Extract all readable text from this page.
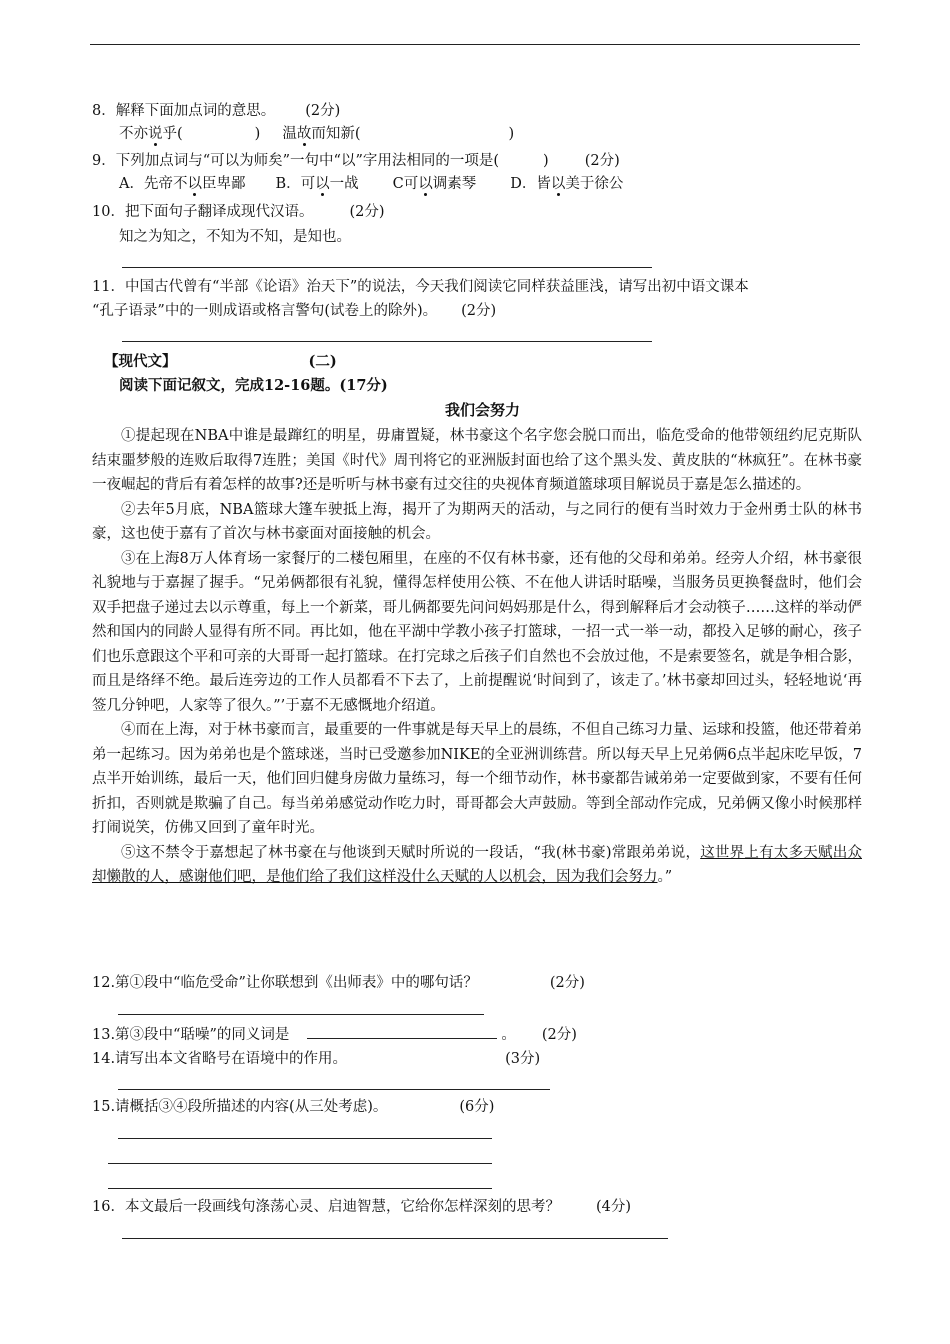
8．解释下面加点词的意思。 (2分)
不亦说乎(	) 温故而知新(	)
9．下列加点词与“可以为师矣”一句中“以”字用法相同的一项是(	) (2分)
A．先帝不以臣卑鄙 B．可以一战 C可以调素琴 D．皆以美于徐公
10．把下面句子翻译成现代汉语。 (2分)
知之为知之，不知为不知，是知也。
11．中国古代曾有“半部《论语》治天下”的说法，今天我们阅读它同样获益匪浅，请写出初中语文课本
“孔子语录”中的一则成语或格言警句(试卷上的除外)。 (2分)
【现代文】	(二)
阅读下面记叙文，完成12-16题。(17分)
我们会努力

①提起现在NBA中谁是最蹿红的明星，毋庸置疑，林书豪这个名字您会脱口而出，临危受命的他带领纽约尼克斯队结束噩梦般的连败后取得7连胜；美国《时代》周刊将它的亚洲版封面也给了这个黑头发、黄皮肤的“林疯狂”。在林书豪一夜崛起的背后有着怎样的故事?还是听听与林书豪有过交往的央视体育频道篮球项目解说员于嘉是怎么描述的。

②去年5月底，NBA篮球大篷车驶抵上海，揭开了为期两天的活动，与之同行的便有当时效力于金州勇士队的林书豪，这也使于嘉有了首次与林书豪面对面接触的机会。

③在上海8万人体育场一家餐厅的二楼包厢里，在座的不仅有林书豪，还有他的父母和弟弟。经旁人介绍，林书豪很礼貌地与于嘉握了握手。“兄弟俩都很有礼貌，懂得怎样使用公筷、不在他人讲话时聒噪，当服务员更换餐盘时，他们会双手把盘子递过去以示尊重，每上一个新菜，哥儿俩都要先问问妈妈那是什么，得到解释后才会动筷子……这样的举动俨然和国内的同龄人显得有所不同。再比如，他在平湖中学教小孩子打篮球，一招一式一举一动，都投入足够的耐心，孩子们也乐意跟这个平和可亲的大哥哥一起打篮球。在打完球之后孩子们自然也不会放过他，不是索要签名，就是争相合影，而且是络绎不绝。最后连旁边的工作人员都看不下去了，上前提醒说‘时间到了，该走了。’林书豪却回过头，轻轻地说‘再签几分钟吧，人家等了很久。”’于嘉不无感慨地介绍道。

④而在上海，对于林书豪而言，最重要的一件事就是每天早上的晨练，不但自己练习力量、运球和投篮，他还带着弟弟一起练习。因为弟弟也是个篮球迷，当时已受邀参加NIKE的全亚洲训练营。所以每天早上兄弟俩6点半起床吃早饭，7点半开始训练，最后一天，他们回归健身房做力量练习，每一个细节动作，林书豪都告诫弟弟一定要做到家，不要有任何折扣，否则就是欺骗了自己。每当弟弟感觉动作吃力时，哥哥都会大声鼓励。等到全部动作完成，兄弟俩又像小时候那样打闹说笑，仿佛又回到了童年时光。

⑤这不禁令于嘉想起了林书豪在与他谈到天赋时所说的一段话，“我(林书豪)常跟弟弟说，这世界上有太多天赋出众却懒散的人，感谢他们吧，是他们给了我们这样没什么天赋的人以机会，因为我们会努力。”

12.第①段中“临危受命”让你联想到《出师表》中的哪句话？	(2分)
13.第③段中“聒噪”的同义词是	。 (2分)
14.请写出本文省略号在语境中的作用。	(3分)
15.请概括③④段所描述的内容(从三处考虑)。	(6分)
16．本文最后一段画线句涤荡心灵、启迪智慧，它给你怎样深刻的思考？ (4分)
